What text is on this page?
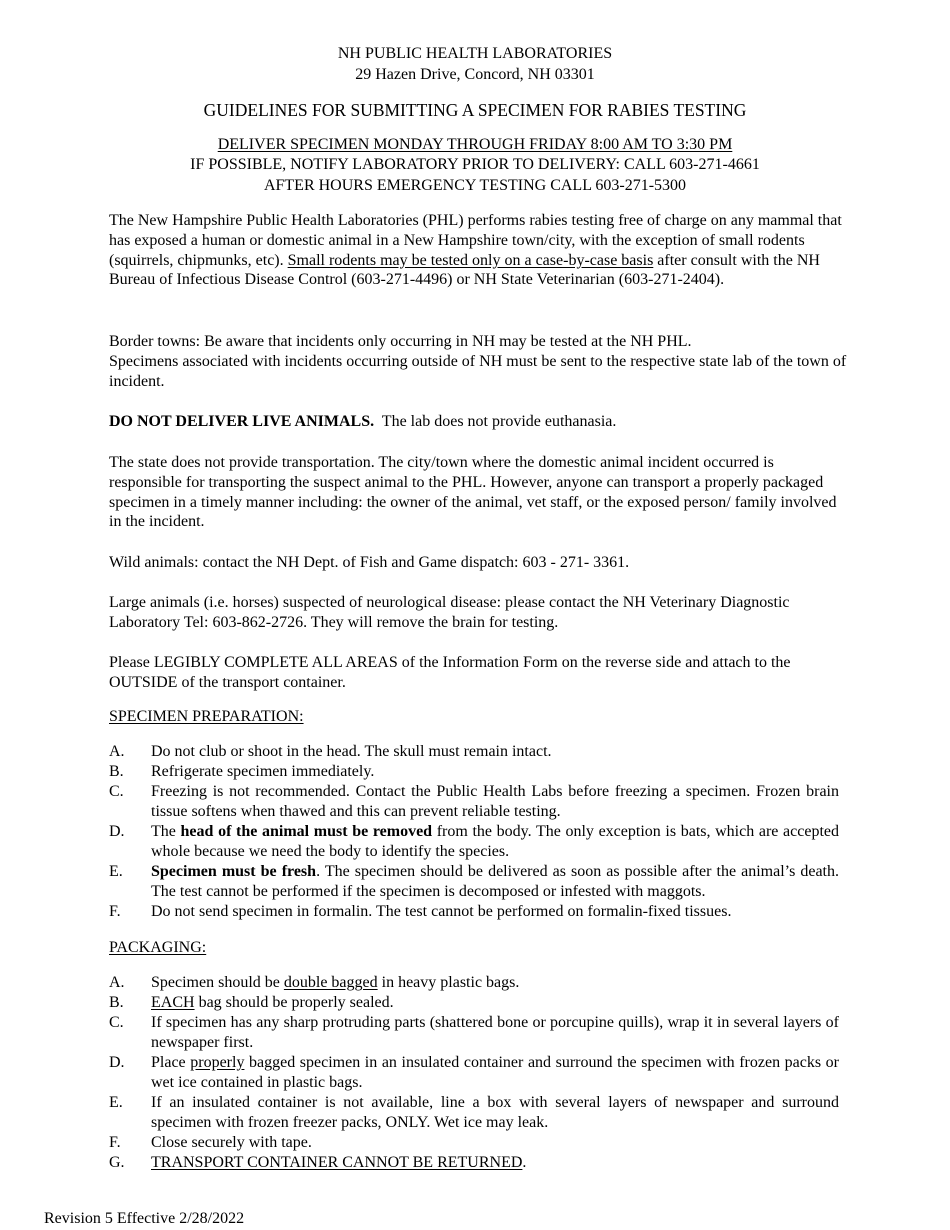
NH PUBLIC HEALTH LABORATORIES
29 Hazen Drive, Concord, NH 03301
GUIDELINES FOR SUBMITTING A SPECIMEN FOR RABIES TESTING
DELIVER SPECIMEN MONDAY THROUGH FRIDAY 8:00 AM TO 3:30 PM
IF POSSIBLE, NOTIFY LABORATORY PRIOR TO DELIVERY: CALL 603-271-4661
AFTER HOURS EMERGENCY TESTING CALL 603-271-5300
The New Hampshire Public Health Laboratories (PHL) performs rabies testing free of charge on any mammal that has exposed a human or domestic animal in a New Hampshire town/city, with the exception of small rodents (squirrels, chipmunks, etc). Small rodents may be tested only on a case-by-case basis after consult with the NH Bureau of Infectious Disease Control (603-271-4496) or NH State Veterinarian (603-271-2404).
Border towns: Be aware that incidents only occurring in NH may be tested at the NH PHL.
Specimens associated with incidents occurring outside of NH must be sent to the respective state lab of the town of incident.
DO NOT DELIVER LIVE ANIMALS.  The lab does not provide euthanasia.
The state does not provide transportation. The city/town where the domestic animal incident occurred is responsible for transporting the suspect animal to the PHL. However, anyone can transport a properly packaged specimen in a timely manner including: the owner of the animal, vet staff, or the exposed person/ family involved in the incident.
Wild animals: contact the NH Dept. of Fish and Game dispatch: 603 - 271- 3361.
Large animals (i.e. horses) suspected of neurological disease: please contact the NH Veterinary Diagnostic Laboratory Tel: 603-862-2726. They will remove the brain for testing.
Please LEGIBLY COMPLETE ALL AREAS of the Information Form on the reverse side and attach to the OUTSIDE of the transport container.
SPECIMEN PREPARATION:
A.	Do not club or shoot in the head. The skull must remain intact.
B.	Refrigerate specimen immediately.
C.	Freezing is not recommended. Contact the Public Health Labs before freezing a specimen. Frozen brain tissue softens when thawed and this can prevent reliable testing.
D.	The head of the animal must be removed from the body. The only exception is bats, which are accepted whole because we need the body to identify the species.
E.	Specimen must be fresh. The specimen should be delivered as soon as possible after the animal’s death. The test cannot be performed if the specimen is decomposed or infested with maggots.
F.	Do not send specimen in formalin. The test cannot be performed on formalin-fixed tissues.
PACKAGING:
A.	Specimen should be double bagged in heavy plastic bags.
B.	EACH bag should be properly sealed.
C.	If specimen has any sharp protruding parts (shattered bone or porcupine quills), wrap it in several layers of newspaper first.
D.	Place properly bagged specimen in an insulated container and surround the specimen with frozen packs or wet ice contained in plastic bags.
E.	If an insulated container is not available, line a box with several layers of newspaper and surround specimen with frozen freezer packs, ONLY. Wet ice may leak.
F.	Close securely with tape.
G.	TRANSPORT CONTAINER CANNOT BE RETURNED.
Revision 5 Effective 2/28/2022
